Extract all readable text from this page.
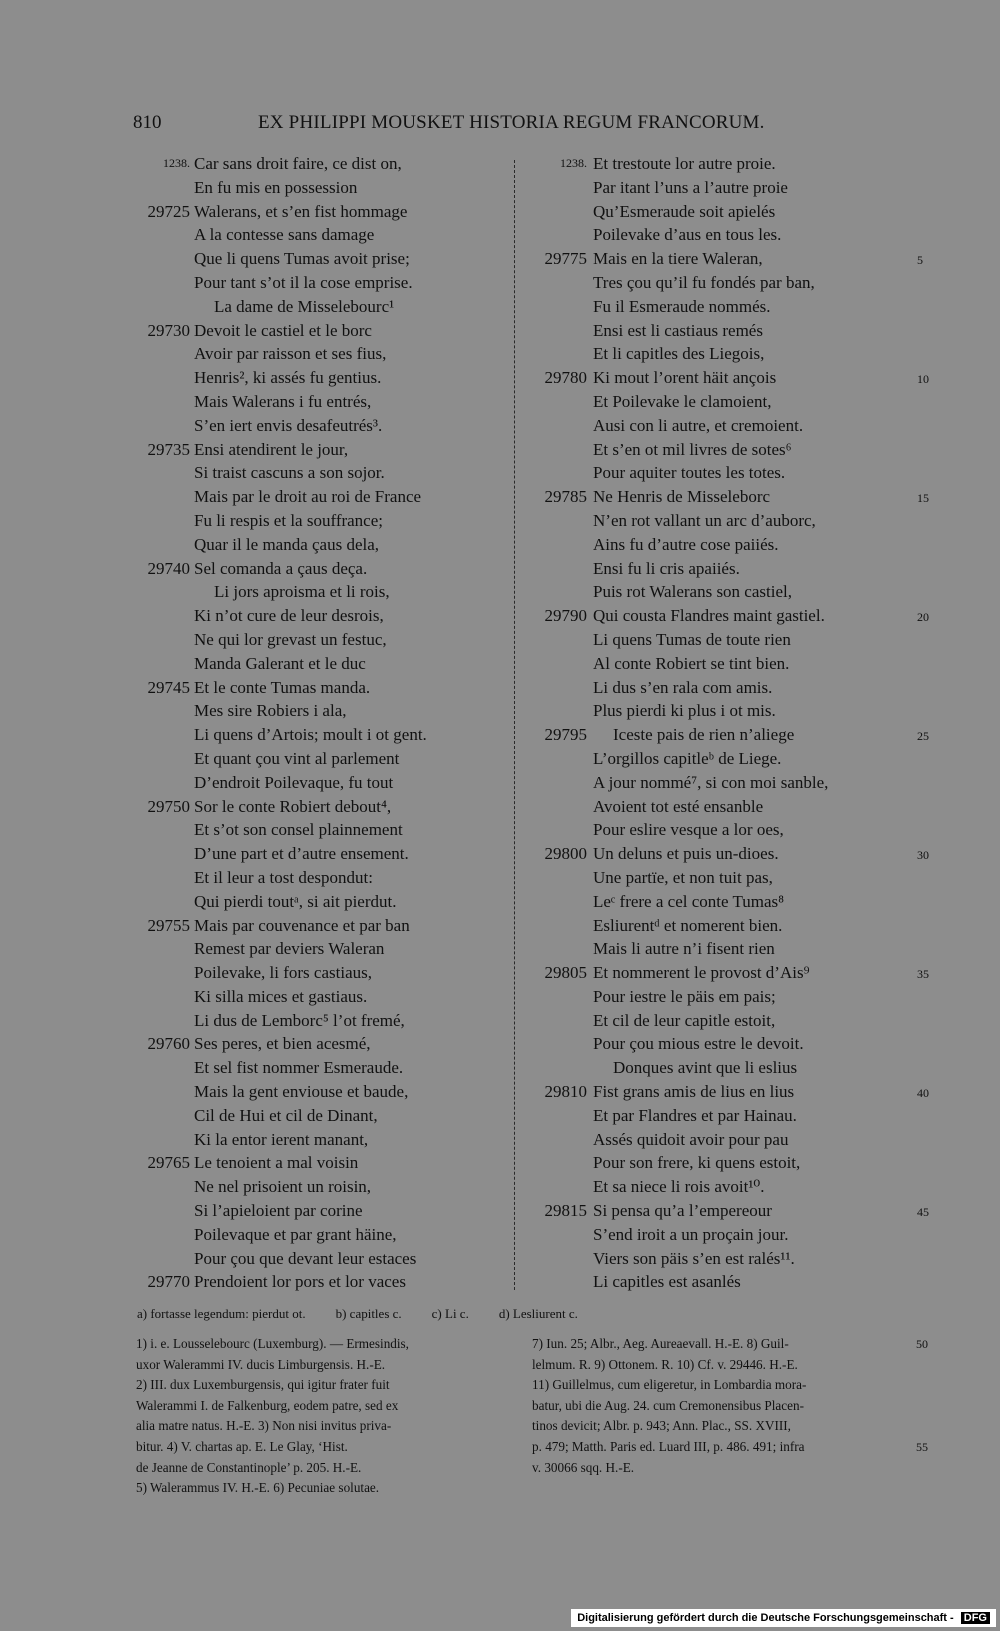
810	EX PHILIPPI MOUSKET HISTORIA REGUM FRANCORUM.
1238. Car sans droit faire, ce dist on,
En fu mis en possession
29725 Walerans, et s’en fist hommage
A la contesse sans damage
Que li quens Tumas avoit prise;
Pour tant s’ot il la cose emprise.
La dame de Misselebourc¹
29730 Devoit le castiel et le borc
Avoir par raisson et ses fius,
Henris², ki assés fu gentius.
Mais Walerans i fu entrés,
S’en iert envis desafeutrés³.
29735 Ensi atendirent le jour,
Si traist cascuns a son sojor.
Mais par le droit au roi de France
Fu li respis et la souffrance;
Quar il le manda çaus dela,
29740 Sel comanda a çaus deça.
Li jors aproisma et li rois,
Ki n’ot cure de leur desrois,
Ne qui lor grevast un festuc,
Manda Galerant et le duc
29745 Et le conte Tumas manda.
Mes sire Robiers i ala,
Li quens d’Artois; moult i ot gent.
Et quant çou vint al parlement
D’endroit Poilevaque, fu tout
29750 Sor le conte Robiert debout⁴,
Et s’ot son consel plainnement
D’une part et d’autre ensement.
Et il leur a tost despondut:
Qui pierdi toutᵃ, si ait pierdut.
29755 Mais par couvenance et par ban
Remest par deviers Waleran
Poilevake, li fors castiaus,
Ki silla mices et gastiaus.
Li dus de Lemborc⁵ l’ot fremé,
29760 Ses peres, et bien acesmé,
Et sel fist nommer Esmeraude.
Mais la gent enviouse et baude,
Cil de Hui et cil de Dinant,
Ki la entor ierent manant,
29765 Le tenoient a mal voisin
Ne nel prisoient un roisin,
Si l’apieloient par corine
Poilevaque et par grant häine,
Pour çou que devant leur estaces
29770 Prendoient lor pors et lor vaces
1238. Et trestoute lor autre proie.
Par itant l’uns a l’autre proie
Qu’Esmeraude soit apielés
Poilevake d’aus en tous les.
29775 Mais en la tiere Waleran,	5
Tres çou qu’il fu fondés par ban,
Fu il Esmeraude nommés.
Ensi est li castiaus remés
Et li capitles des Liegois,
29780 Ki mout l’orent häit ançois	10
Et Poilevake le clamoient,
Ausi con li autre, et cremoient.
Et s’en ot mil livres de sotes⁶
Pour aquiter toutes les totes.
29785 Ne Henris de Misseleborc	15
N’en rot vallant un arc d’auborc,
Ains fu d’autre cose paiiés.
Ensi fu li cris apaiiés.
Puis rot Walerans son castiel,
29790 Qui cousta Flandres maint gastiel.	20
Li quens Tumas de toute rien
Al conte Robiert se tint bien.
Li dus s’en rala com amis.
Plus pierdi ki plus i ot mis.
29795	Iceste pais de rien n’aliege	25
L’orgillos capitleᵇ de Liege.
A jour nommé⁷, si con moi sanble,
Avoient tot esté ensanble
Pour eslire vesque a lor oes,
29800 Un deluns et puis un-dioes.	30
Une partïe, et non tuit pas,
Leᶜ frere a cel conte Tumas⁸
Esliurentᵈ et nomerent bien.
Mais li autre n’i fisent rien
29805 Et nommerent le provost d’Ais⁹	35
Pour iestre le päis em pais;
Et cil de leur capitle estoit,
Pour çou mious estre le devoit.
Donques avint que li eslius
29810 Fist grans amis de lius en lius	40
Et par Flandres et par Hainau.
Assés quidoit avoir pour pau
Pour son frere, ki quens estoit,
Et sa niece li rois avoit¹⁰.
29815 Si pensa qu’a l’empereour	45
S’end iroit a un proçain jour.
Viers son päis s’en est ralés¹¹.
Li capitles est asanlés
a) fortasse legendum: pierdut ot. b) capitles c. c) Li c. d) Lesliurent c.
1) i. e. Lousselebourc (Luxemburg). — Ermesindis,
uxor Walerammi IV. ducis Limburgensis. H.-E.
2) III. dux Luxemburgensis, qui igitur frater fuit
Walerammi I. de Falkenburg, eodem patre, sed ex
alia matre natus. H.-E. 3) Non nisi invitus priva-
bitur. 4) V. chartas ap. E. Le Glay, ‘Hist.
de Jeanne de Constantinople’ p. 205. H.-E.
5) Walerammus IV. H.-E. 6) Pecuniae solutae.
7) Iun. 25; Albr., Aeg. Aureaevall. H.-E. 8) Guil-	50
lelmum. R. 9) Ottonem. R. 10) Cf. v. 29446. H.-E.
11) Guillelmus, cum eligeretur, in Lombardia mora-
batur, ubi die Aug. 24. cum Cremonensibus Placen-
tinos devicit; Albr. p. 943; Ann. Plac., SS. XVIII,
p. 479; Matth. Paris ed. Luard III, p. 486. 491; infra	55
v. 30066 sqq. H.-E.
Digitalisierung gefördert durch die Deutsche Forschungsgemeinschaft - DFG
